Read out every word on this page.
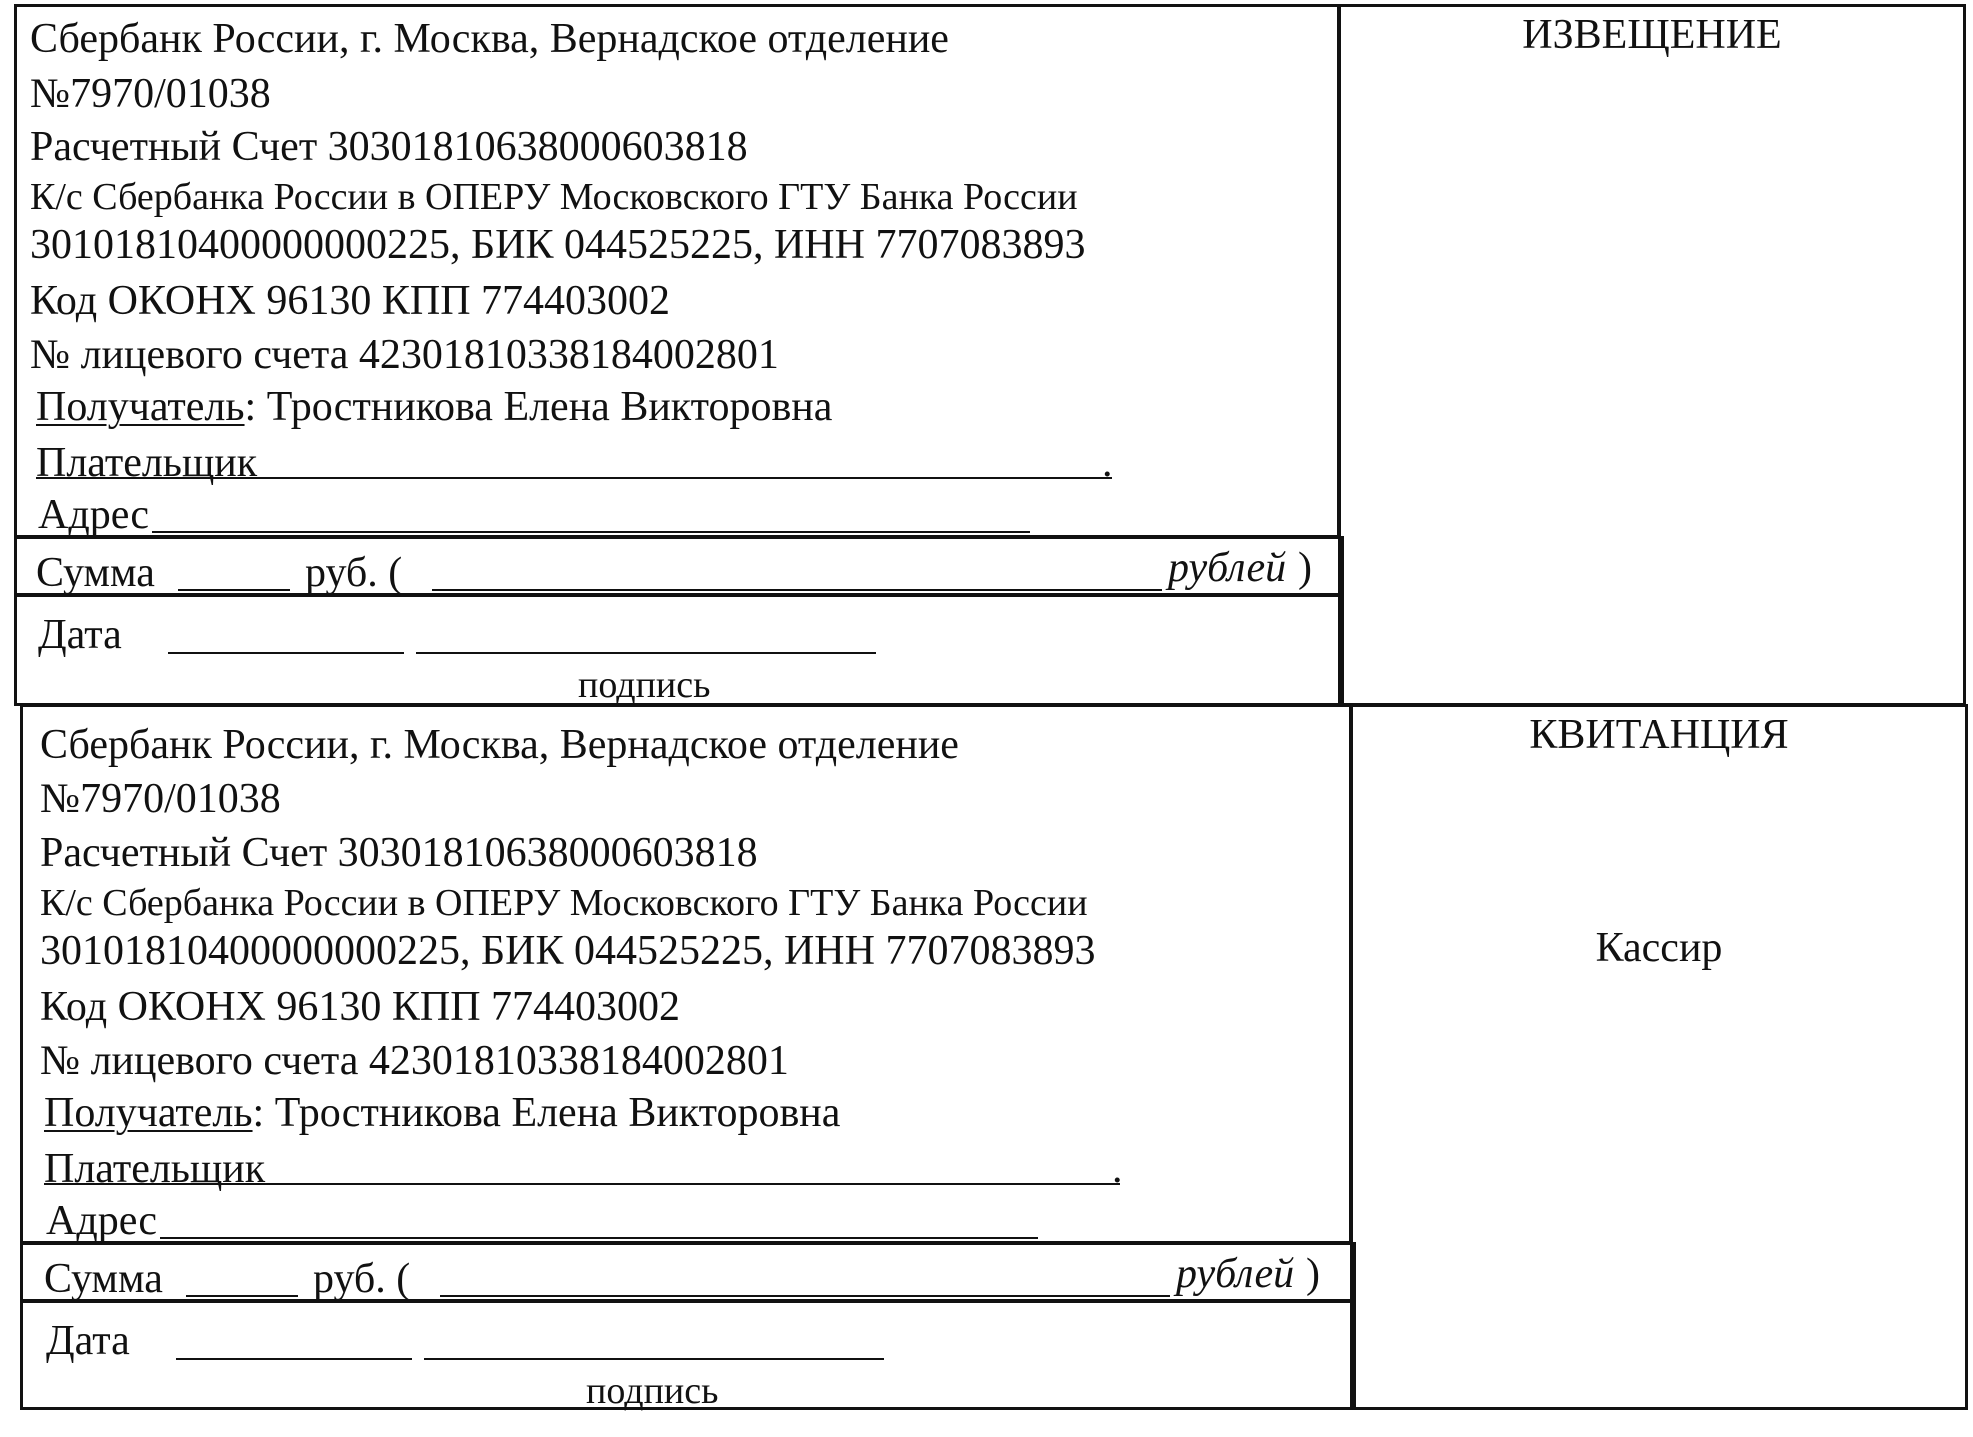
ИЗВЕЩЕНИЕ
Сбербанк России, г. Москва, Вернадское отделение
№7970/01038
Расчетный Счет 30301810638000603818
К/с Сбербанка России в ОПЕРУ Московского ГТУ Банка России
30101810400000000225, БИК 044525225, ИНН 7707083893
Код ОКОНХ 96130 КПП 774403002
№ лицевого счета 42301810338184002801
Получатель: Тростникова Елена Викторовна
Плательщик	.
Адрес
Сумма	руб. (	рублей )
Дата
подпись
КВИТАНЦИЯ
Кассир
Сбербанк России, г. Москва, Вернадское отделение
№7970/01038
Расчетный Счет 30301810638000603818
К/с Сбербанка России в ОПЕРУ Московского ГТУ Банка России
30101810400000000225, БИК 044525225, ИНН 7707083893
Код ОКОНХ 96130 КПП 774403002
№ лицевого счета 42301810338184002801
Получатель: Тростникова Елена Викторовна
Плательщик	.
Адрес
Сумма	руб. (	рублей )
Дата
подпись
